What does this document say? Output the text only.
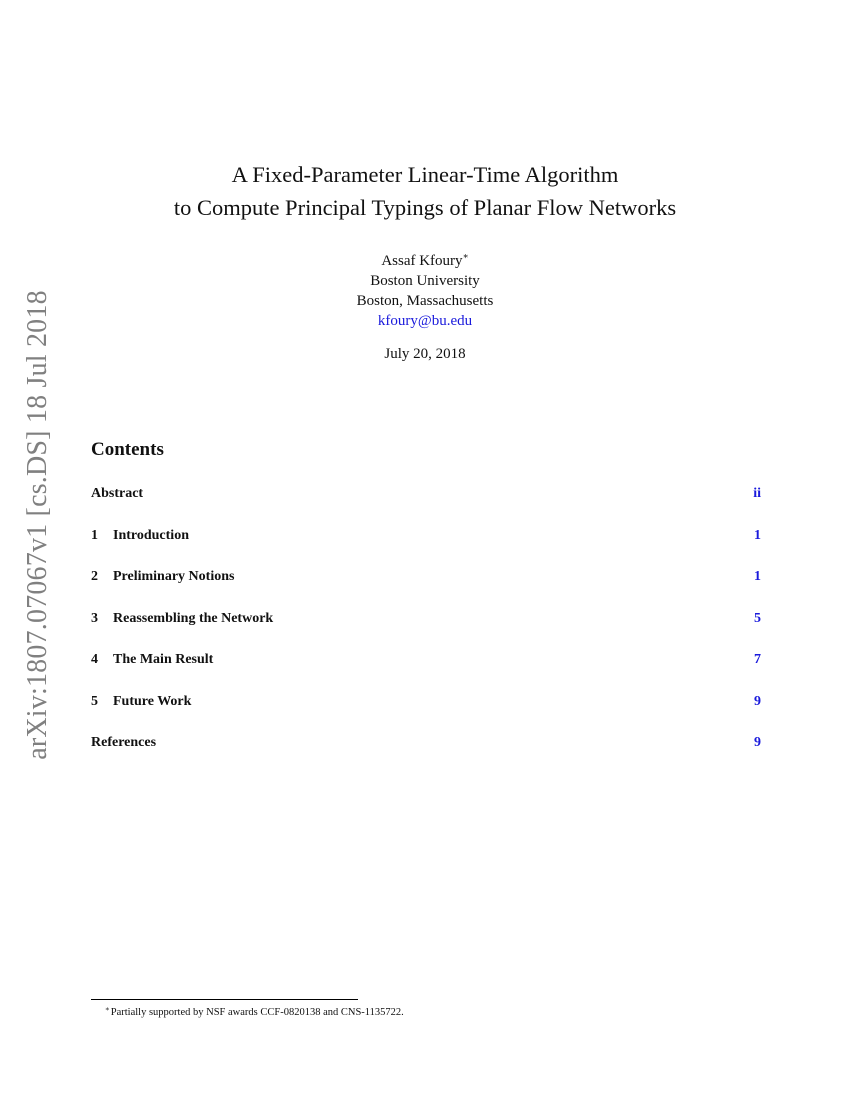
arXiv:1807.07067v1 [cs.DS] 18 Jul 2018
A Fixed-Parameter Linear-Time Algorithm
to Compute Principal Typings of Planar Flow Networks
Assaf Kfoury∗
Boston University
Boston, Massachusetts
kfoury@bu.edu
July 20, 2018
Contents
Abstract	ii
1 Introduction	1
2 Preliminary Notions	1
3 Reassembling the Network	5
4 The Main Result	7
5 Future Work	9
References	9
∗Partially supported by NSF awards CCF-0820138 and CNS-1135722.
